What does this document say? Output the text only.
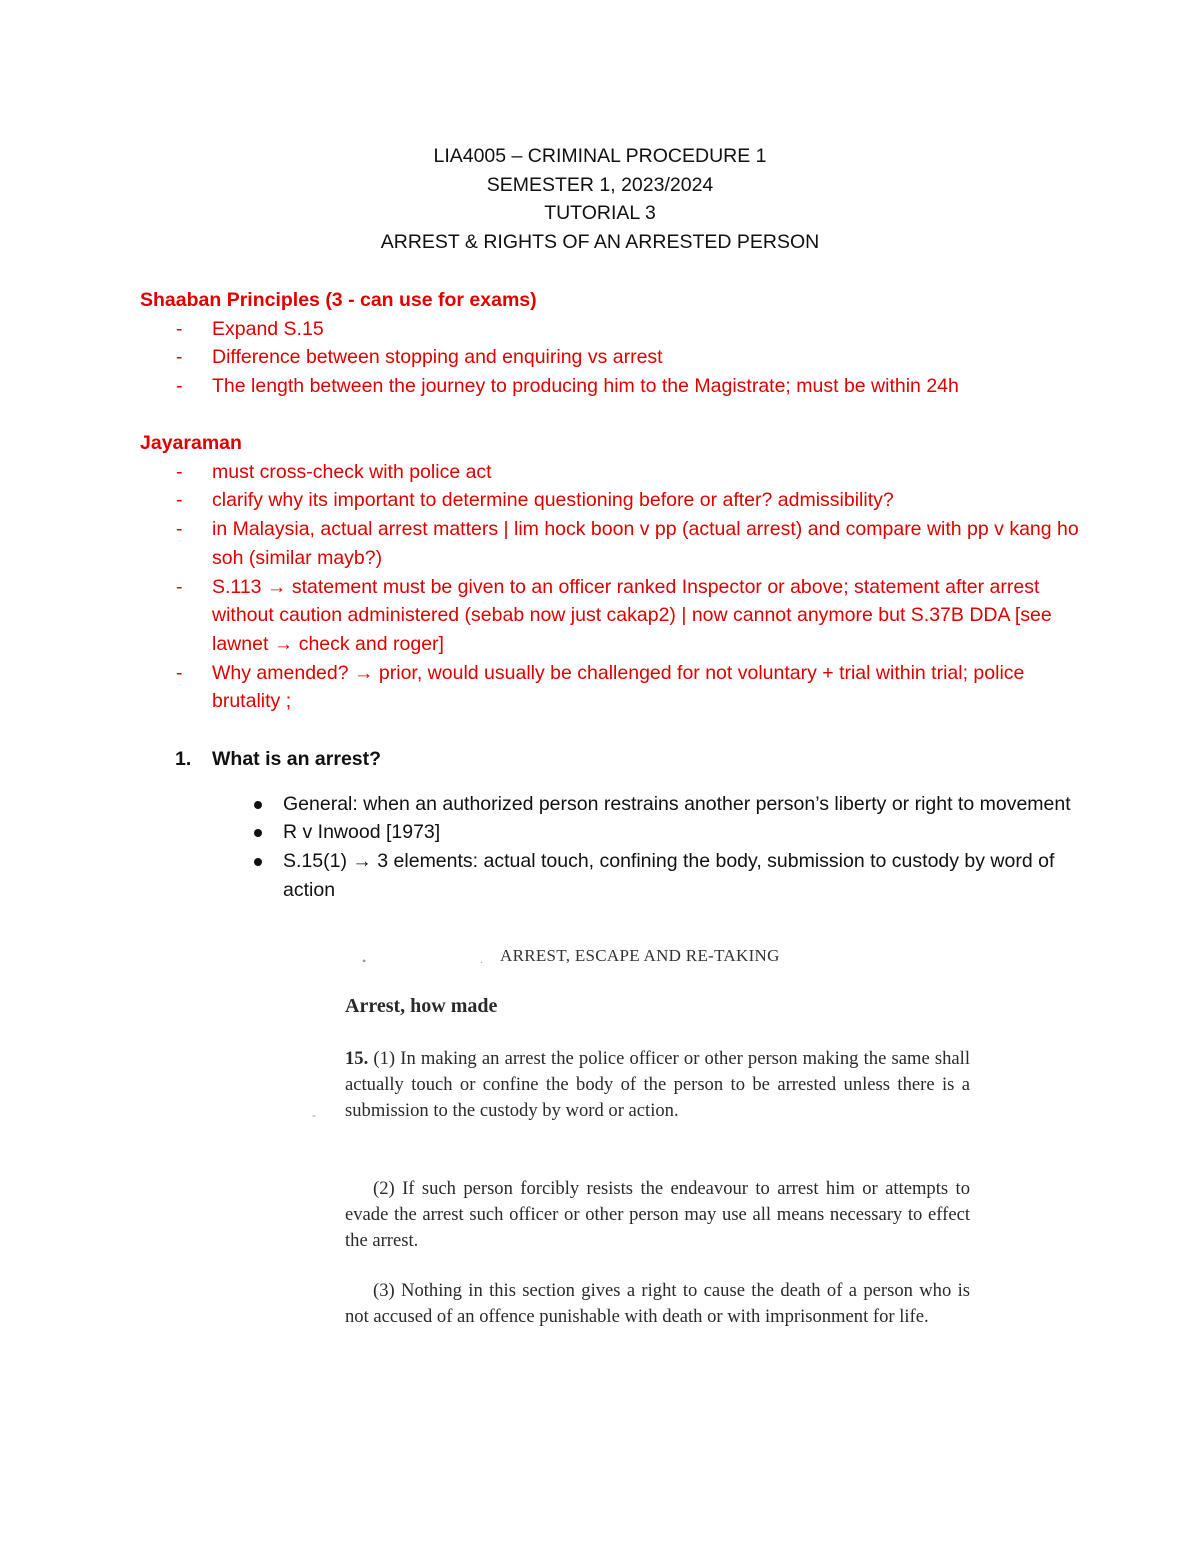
LIA4005 – CRIMINAL PROCEDURE 1
SEMESTER 1, 2023/2024
TUTORIAL 3
ARREST & RIGHTS OF AN ARRESTED PERSON
Shaaban Principles (3 - can use for exams)
- Expand S.15
- Difference between stopping and enquiring vs arrest
- The length between the journey to producing him to the Magistrate; must be within 24h
Jayaraman
- must cross-check with police act
- clarify why its important to determine questioning before or after? admissibility?
- in Malaysia, actual arrest matters | lim hock boon v pp (actual arrest) and compare with pp v kang ho soh (similar mayb?)
- S.113 → statement must be given to an officer ranked Inspector or above; statement after arrest without caution administered (sebab now just cakap2) | now cannot anymore but S.37B DDA [see lawnet → check and roger]
- Why amended? → prior, would usually be challenged for not voluntary + trial within trial; police brutality ;
1. What is an arrest?
General: when an authorized person restrains another person’s liberty or right to movement
R v Inwood [1973]
S.15(1) → 3 elements: actual touch, confining the body, submission to custody by word of action
•	.
-
ARREST, ESCAPE AND RE-TAKING
Arrest, how made
15. (1) In making an arrest the police officer or other person making the same shall actually touch or confine the body of the person to be arrested unless there is a submission to the custody by word or action.
(2) If such person forcibly resists the endeavour to arrest him or attempts to evade the arrest such officer or other person may use all means necessary to effect the arrest.
(3) Nothing in this section gives a right to cause the death of a person who is not accused of an offence punishable with death or with imprisonment for life.
